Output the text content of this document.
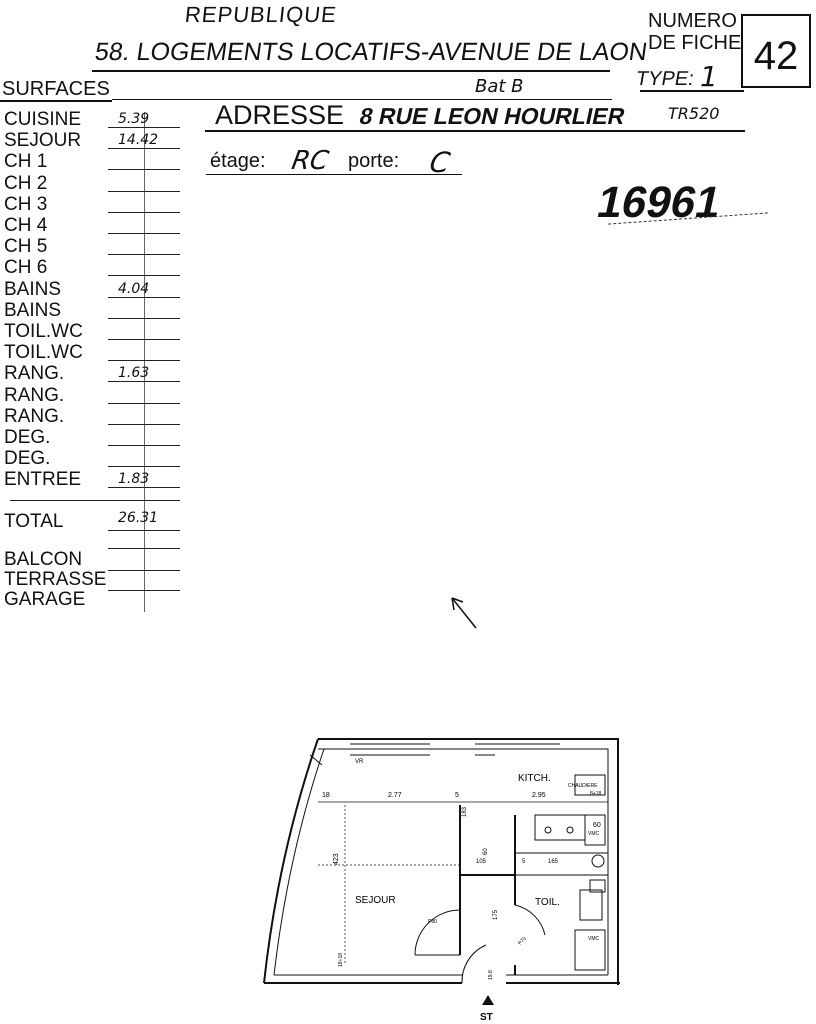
REPUBLIQUE
58. LOGEMENTS LOCATIFS-AVENUE DE LAON
NUMERO
DE FICHE 42
TYPE: 1
SURFACES	Bat B
CUISINE	5.39
SEJOUR	14.42
CH 1
CH 2
CH 3
CH 4
CH 5
CH 6
BAINS	4.04
BAINS
TOIL.WC
TOIL.WC
RANG.	1.63
RANG.
RANG.
DEG.
DEG.
ENTREE	1.83
TOTAL	26.31
BALCON
TERRASSE
GARAGE
ADRESSE 8 RUE LEON HOURLIER	TR520
étage: RC porte: C
16961
KITCH.
CHAUDIERE
8+18
SEJOUR	TOIL.
VR
ST
18	2.77	5	2.95
183
60
60
423	105	5	165
175
P80
P70
18+18
19.8
VMC
VMC
